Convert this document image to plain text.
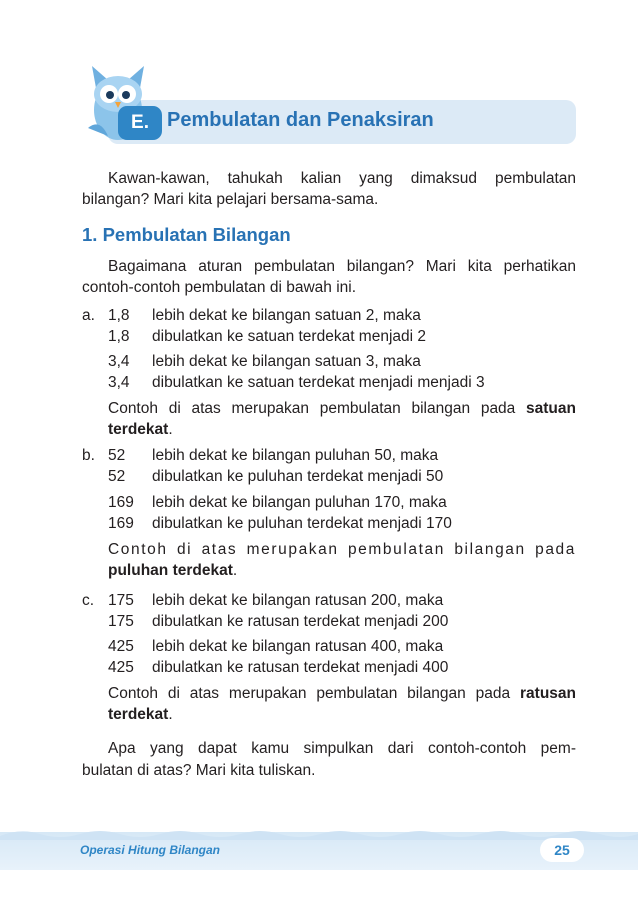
E. Pembulatan dan Penaksiran
Kawan-kawan, tahukah kalian yang dimaksud pembulatan
bilangan? Mari kita pelajari bersama-sama.
1. Pembulatan Bilangan
Bagaimana aturan pembulatan bilangan? Mari kita perhatikan
contoh-contoh pembulatan di bawah ini.
a. 1,8	lebih dekat ke bilangan satuan 2, maka
1,8	dibulatkan ke satuan terdekat menjadi 2
3,4	lebih dekat ke bilangan satuan 3, maka
3,4	dibulatkan ke satuan terdekat menjadi menjadi 3
Contoh di atas merupakan pembulatan bilangan pada satuan
terdekat.
b. 52	lebih dekat ke bilangan puluhan 50, maka
52	dibulatkan ke puluhan terdekat menjadi 50
169	lebih dekat ke bilangan puluhan 170, maka
169	dibulatkan ke puluhan terdekat menjadi 170
Contoh di atas merupakan pembulatan bilangan pada
puluhan terdekat.
c. 175	lebih dekat ke bilangan ratusan 200, maka
175	dibulatkan ke ratusan terdekat menjadi 200
425	lebih dekat ke bilangan ratusan 400, maka
425	dibulatkan ke ratusan terdekat menjadi 400
Contoh di atas merupakan pembulatan bilangan pada ratusan
terdekat.
Apa yang dapat kamu simpulkan dari contoh-contoh pem-
bulatan di atas? Mari kita tuliskan.
Operasi Hitung Bilangan	25
